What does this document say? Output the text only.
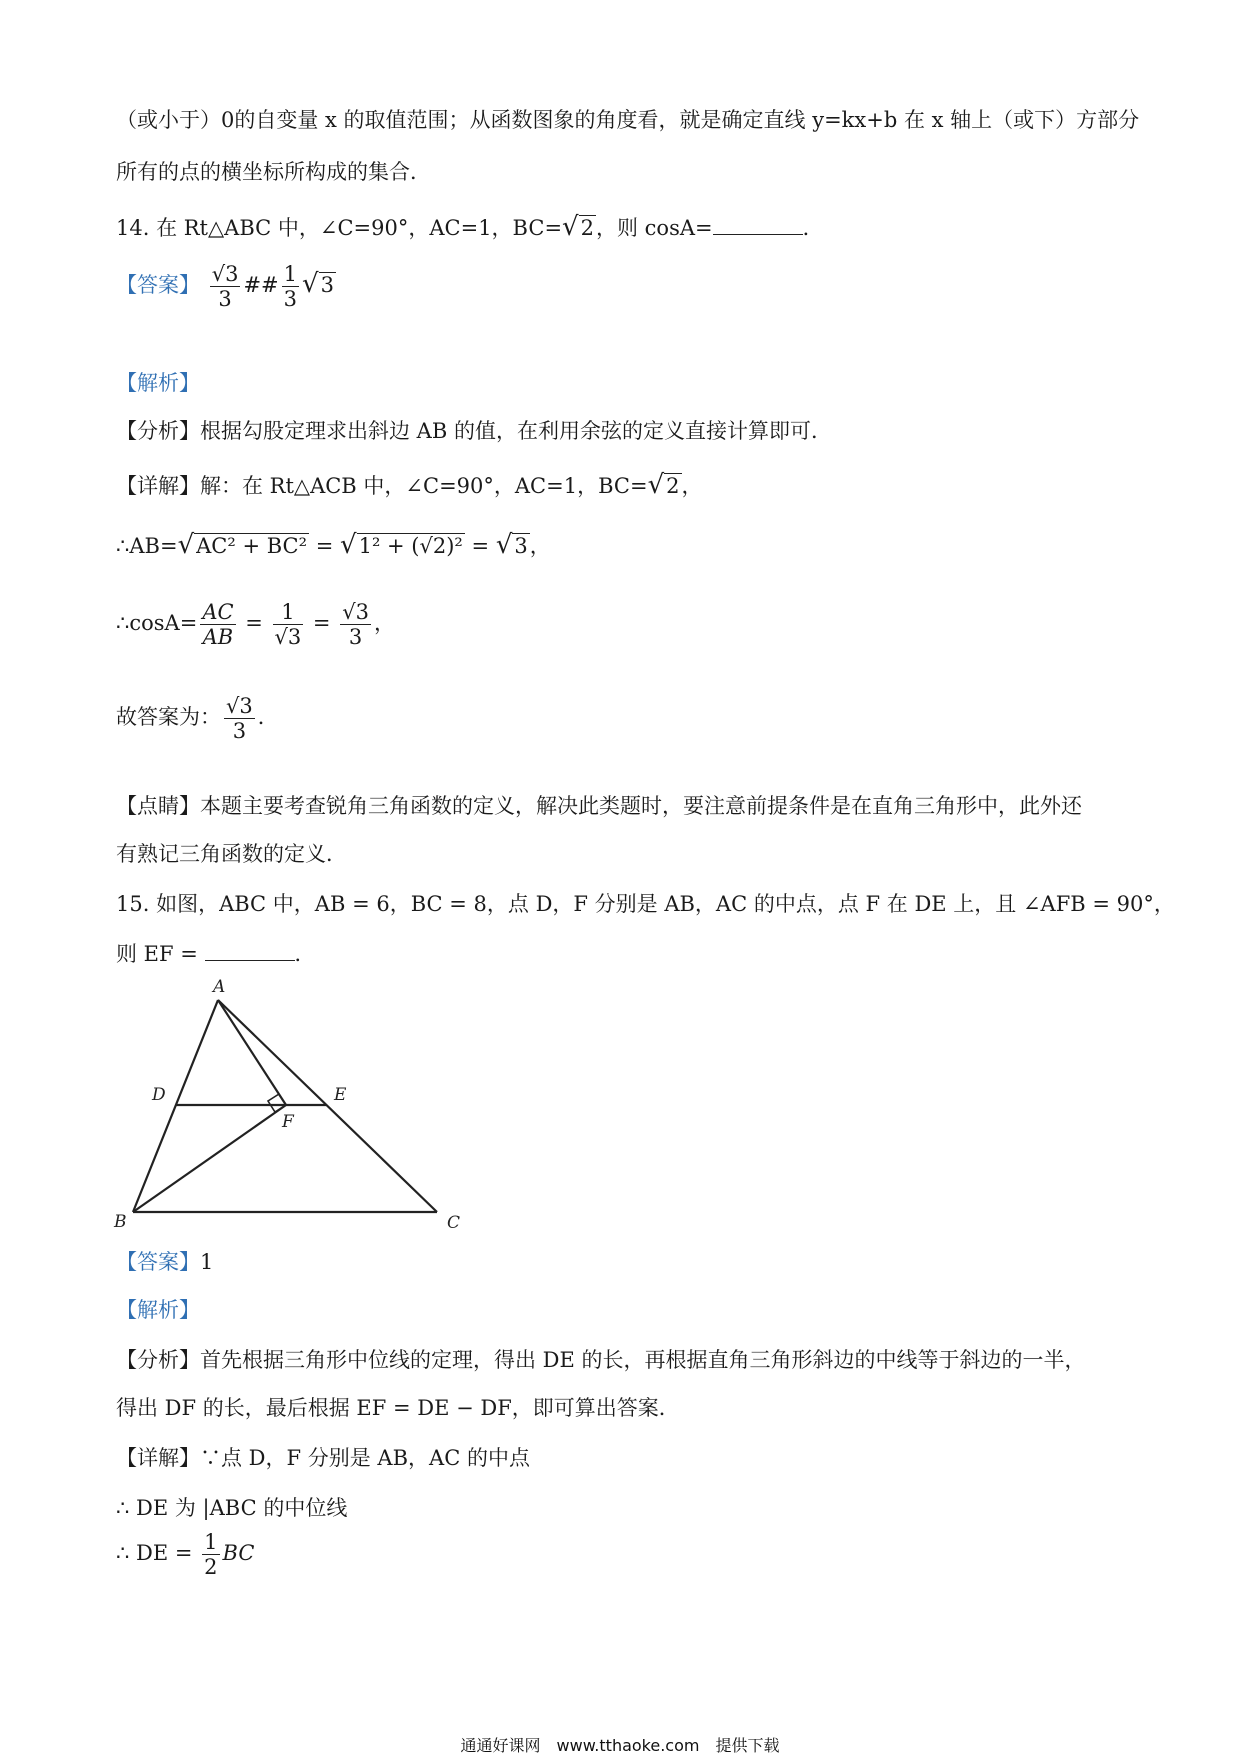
（或小于）0的自变量 x 的取值范围；从函数图象的角度看，就是确定直线 y=kx+b 在 x 轴上（或下）方部分
所有的点的横坐标所构成的集合．
14. 在 Rt△ABC 中，∠C=90°，AC=1，BC=√2，则 cosA=	．
【答案】 $\frac{√3}{3}$ ## $\frac{1}{3} √3$
【解析】
【分析】根据勾股定理求出斜边 AB 的值，在利用余弦的定义直接计算即可．
【详解】解：在 Rt△ACB 中，∠C=90°，AC=1，BC=√2，
∴AB=√AC² + BC² = √1² + (√2)² = √3，
∴cosA= $\frac{AC}{AB} = \frac{1}{√3} = \frac{√3}{3}$ ，
故答案为： $\frac{√3}{3}$ ．
【点睛】本题主要考查锐角三角函数的定义，解决此类题时，要注意前提条件是在直角三角形中，此外还
有熟记三角函数的定义．
15. 如图，ABC 中，AB = 6，BC = 8，点 D，F 分别是 AB，AC 的中点，点 F 在 DE 上，且 ∠AFB = 90°，
则 EF =	．
A
B	C
D	E
F
【答案】1
【解析】
【分析】首先根据三角形中位线的定理，得出 DE 的长，再根据直角三角形斜边的中线等于斜边的一半，
得出 DF 的长，最后根据 EF = DE − DF，即可算出答案．
【详解】∵点 D，F 分别是 AB，AC 的中点
∴ DE 为 |ABC 的中位线
∴ DE = $\frac{1}{2}$ BC
通通好课网　www.tthaoke.com　提供下载
